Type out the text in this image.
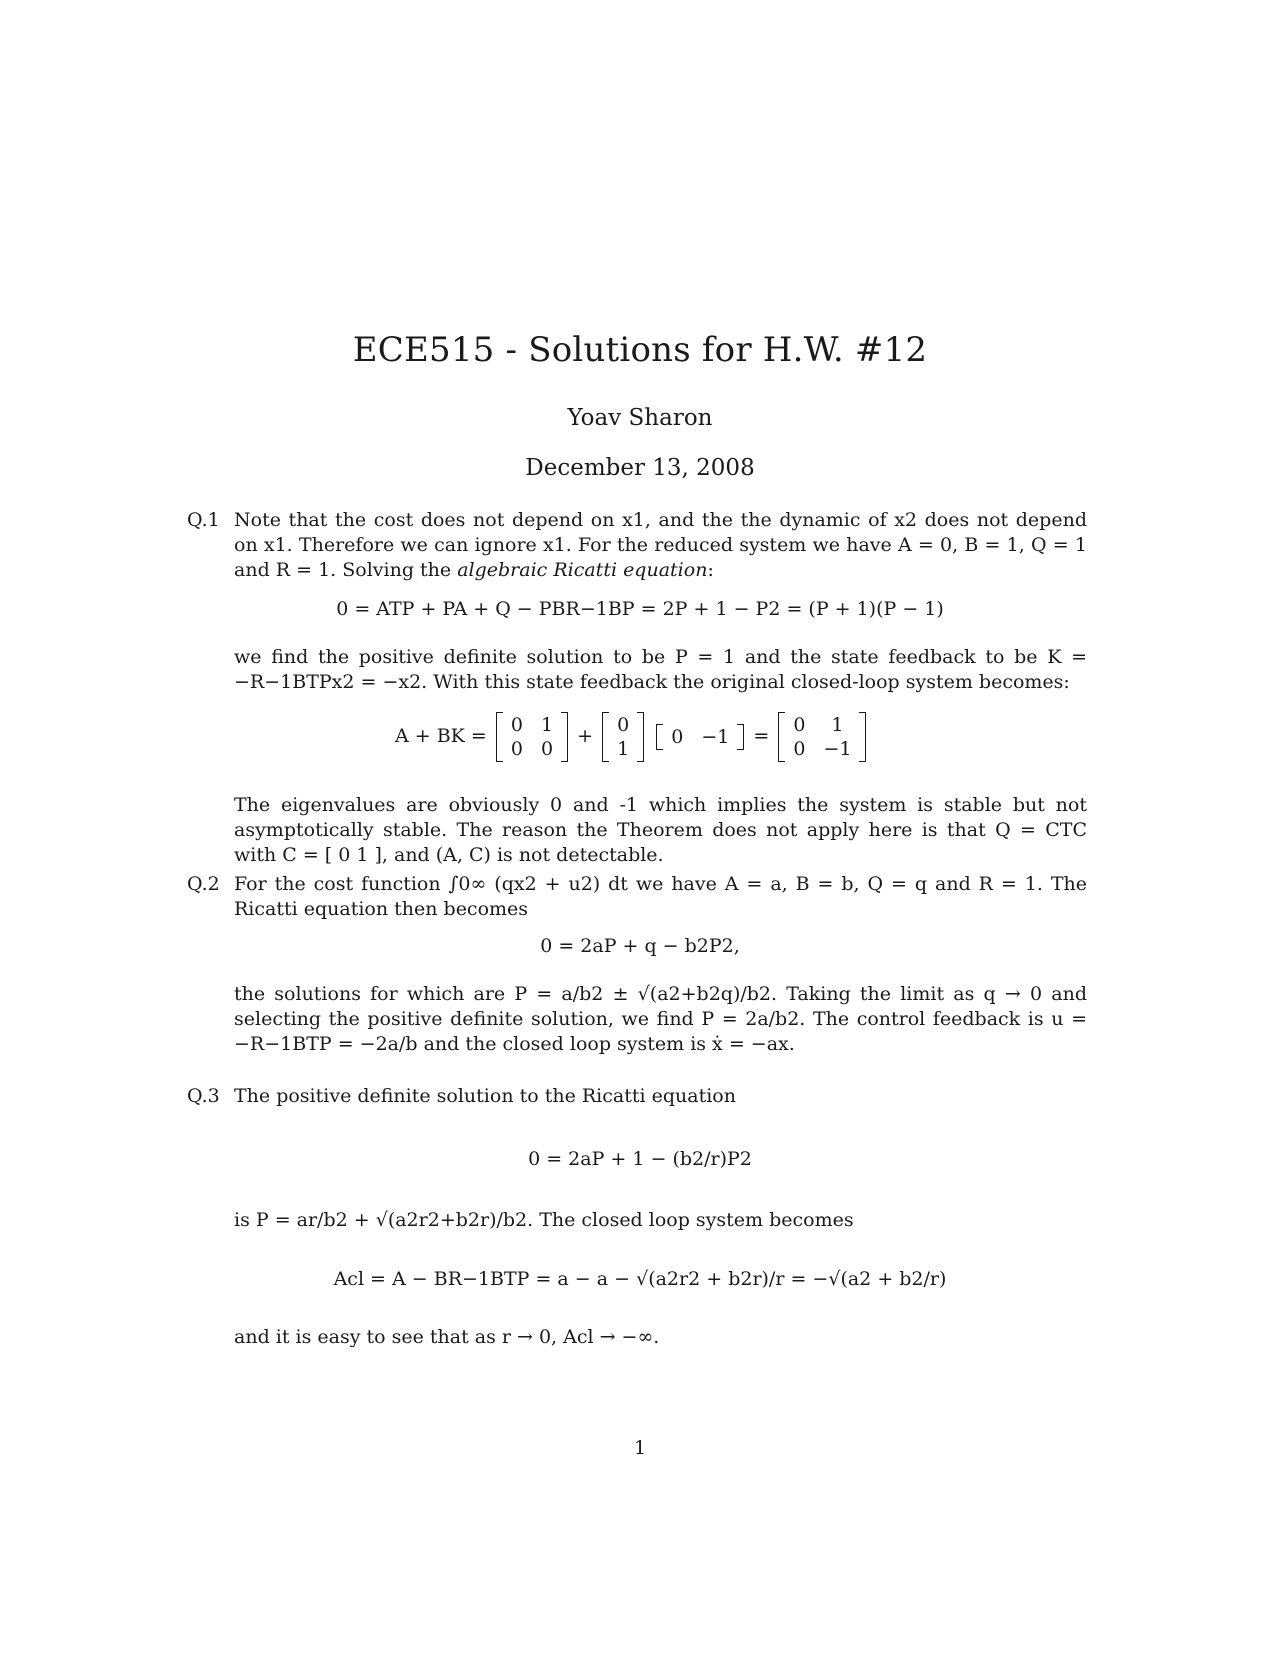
ECE515 - Solutions for H.W. #12
Yoav Sharon
December 13, 2008
Q.1 Note that the cost does not depend on x1, and the the dynamic of x2 does not depend on x1. Therefore we can ignore x1. For the reduced system we have A = 0, B = 1, Q = 1 and R = 1. Solving the algebraic Ricatti equation:
0 = ATP + PA + Q − PBR−1BP = 2P + 1 − P2 = (P + 1)(P − 1)
we find the positive definite solution to be P = 1 and the state feedback to be K = −R−1BTPx2 = −x2. With this state feedback the original closed-loop system becomes:
A + BK = 0 1
0 0
+ 0
1

0 −1 = 0	1
0 −1
The eigenvalues are obviously 0 and -1 which implies the system is stable but not asymptotically stable. The reason the Theorem does not apply here is that Q = CTC with C = [ 0 1 ], and (A, C) is not detectable.
Q.2 For the cost function ∫0∞ (qx2 + u2) dt we have A = a, B = b, Q = q and R = 1. The Ricatti equation then becomes
0 = 2aP + q − b2P2,
the solutions for which are P = a/b2 ± √(a2+b2q)/b2. Taking the limit as q → 0 and selecting the positive definite solution, we find P = 2a/b2. The control feedback is u = −R−1BTP = −2a/b and the closed loop system is ẋ = −ax.
Q.3 The positive definite solution to the Ricatti equation
0 = 2aP + 1 − (b2/r)P2
is P = ar/b2 + √(a2r2+b2r)/b2. The closed loop system becomes
Acl = A − BR−1BTP = a − a − √(a2r2 + b2r)/r = −√(a2 + b2/r)
and it is easy to see that as r → 0, Acl → −∞.
1
